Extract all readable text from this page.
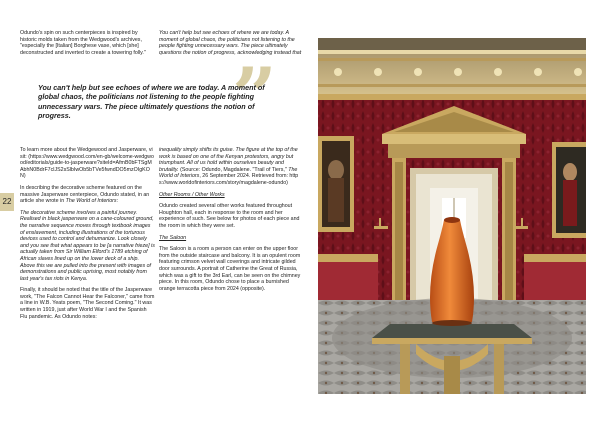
22

Odundo's spin on such centerpieces is inspired by historic molds taken from the Wedgwood's archives, "especially the [Italian] Borghese vase, which [she] deconstructed and inverted to create a towering folly."

You can't help but see echoes of where we are today. A moment of global chaos, the politicians not listening to the people fighting unnecessary wars. The piece ultimately questions the notion of progress, acknowledging instead that

”
You can't help but see echoes of where we are today. A moment of global chaos, the politicians not listening to the people fighting unnecessary wars. The piece ultimately questions the notion of progress.

To learn more about the Wedgewood and Jasperware, visit: (https://www.wedgwood.com/en-gb/welcome-wedgwood/editorials/guide-to-jasperware?siteId=AfmB0bFTSgMAbhN0BdrF7clJS2sSlbIwOb5bTVe5fwndDO5mzOIgKON)

In describing the decorative scheme featured on the massive Jasperware centerpiece, Odundo stated, in an article she wrote in The World of Interiors:

The decorative scheme involves a painful journey. Realised in black jasperware on a cane-coloured ground, the narrative sequence moves through textbook images of enslavement, including illustrations of the torturous devices used to control and dehumanize. Look closely and you see that what appears to be [a narrative frieze] is actually taken from Sir William Elford's 1789 etching of African slaves lined up on the lower deck of a ship. Above this we are pulled into the present with images of demonstrations and public uprising, most notably from last year's tax riots in Kenya.

Finally, it should be noted that the title of the Jasperware work, "The Falcon Cannot Hear the Falconer," came from a line in W.B. Yeats poem, "The Second Coming." It was written in 1919, just after World War I and the Spanish Flu pandemic. As Odundo notes:

inequality simply shifts its guise. The figure at the top of the work is based on one of the Kenyan protestors, angry but triumphant. All of us hold within ourselves beauty and brutality. (Source: Odundo, Magdalene. "Trail of Tiers," The World of Interiors, 26 September 2024. Retrieved from: https://www.worldofinteriors.com/story/magdalene-odundo)

Other Rooms / Other Works

Odundo created several other works featured throughout Houghton hall, each in response to the room and her experience of such. See below for photos of each piece and the room in which they were set.

The Saloon

The Saloon is a room a person can enter on the upper floor from the outside staircase and balcony. It is an opulent room featuring crimson velvet wall coverings and intricate gilded door surrounds. A portrait of Catherine the Great of Russia, which was a gift to the 3rd Earl, can be seen on the chimney piece. In this room, Odundo chose to place a burnished orange terracotta piece from 2024 (opposite).
